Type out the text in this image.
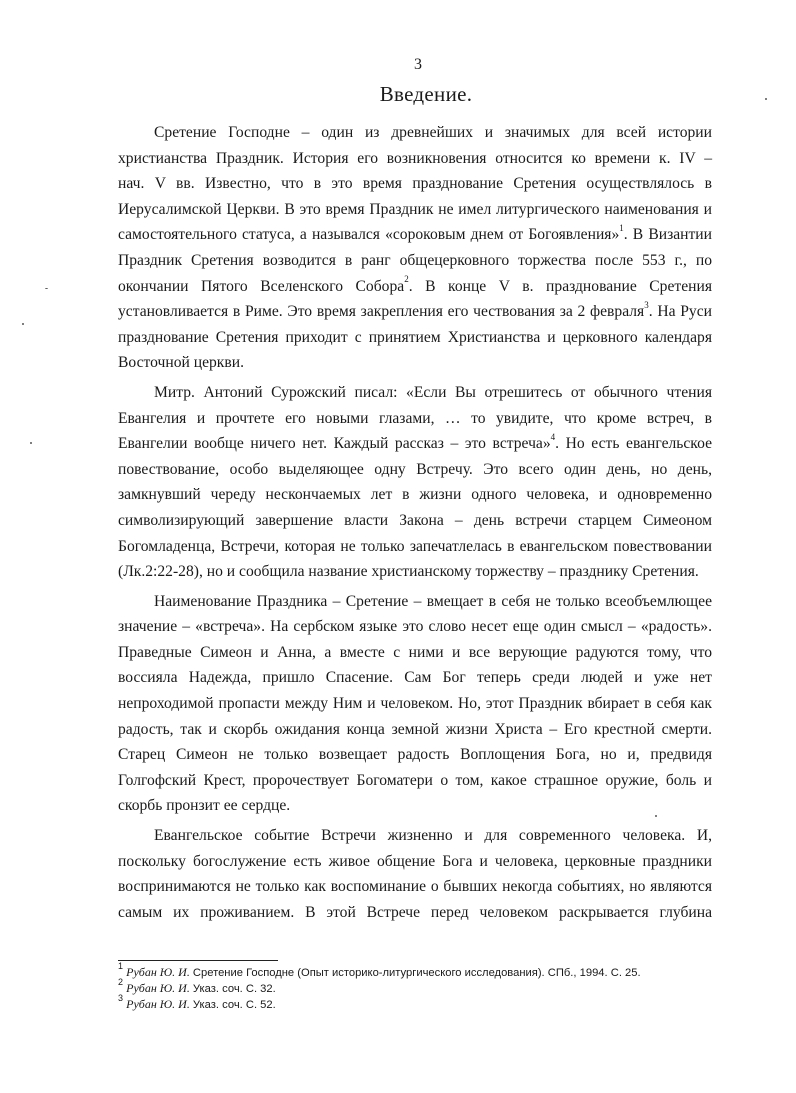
3
Введение.
Сретение Господне – один из древнейших и значимых для всей истории
христианства Праздник. История его возникновения относится ко времени к. IV –
нач. V вв. Известно, что в это время празднование Сретения осуществлялось в
Иерусалимской Церкви. В это время Праздник не имел литургического наименования и
самостоятельного статуса, а назывался «сороковым днем от Богоявления»$^1$. В Византии
Праздник Сретения возводится в ранг общецерковного торжества после 553 г., по
окончании Пятого Вселенского Собора$^2$. В конце V в. празднование Сретения
установливается в Риме. Это время закрепления его чествования за 2 февраля$^3$. На Руси
празднование Сретения приходит с принятием Христианства и церковного календаря
Восточной церкви.
Митр. Антоний Сурожский писал: «Если Вы отрешитесь от обычного чтения
Евангелия и прочтете его новыми глазами, … то увидите, что кроме встреч, в
Евангелии вообще ничего нет. Каждый рассказ – это встреча»$^4$. Но есть евангельское
повествование, особо выделяющее одну Встречу. Это всего один день, но день,
замкнувший череду нескончаемых лет в жизни одного человека, и одновременно
символизирующий завершение власти Закона – день встречи старцем Симеоном
Богомладенца, Встречи, которая не только запечатлелась в евангельском повествовании
(Лк.2:22-28), но и сообщила название христианскому торжеству – празднику Сретения.
Наименование Праздника – Сретение – вмещает в себя не только всеобъемлющее
значение – «встреча». На сербском языке это слово несет еще один смысл – «радость».
Праведные Симеон и Анна, а вместе с ними и все верующие радуются тому, что
воссияла Надежда, пришло Спасение. Сам Бог теперь среди людей и уже нет
непроходимой пропасти между Ним и человеком. Но, этот Праздник вбирает в себя как
радость, так и скорбь ожидания конца земной жизни Христа – Его крестной смерти.
Старец Симеон не только возвещает радость Воплощения Бога, но и, предвидя
Голгофский Крест, пророчествует Богоматери о том, какое страшное оружие, боль и
скорбь пронзит ее сердце.
Евангельское событие Встречи жизненно и для современного человека. И,
поскольку богослужение есть живое общение Бога и человека, церковные праздники
воспринимаются не только как воспоминание о бывших некогда событиях, но являются
самым их проживанием. В этой Встрече перед человеком раскрывается глубина
$^1$ Рубан Ю. И. Сретение Господне (Опыт историко-литургического исследования). СПб., 1994. С. 25.
$^2$ Рубан Ю. И. Указ. соч. С. 32.
$^3$ Рубан Ю. И. Указ. соч. С. 52.
